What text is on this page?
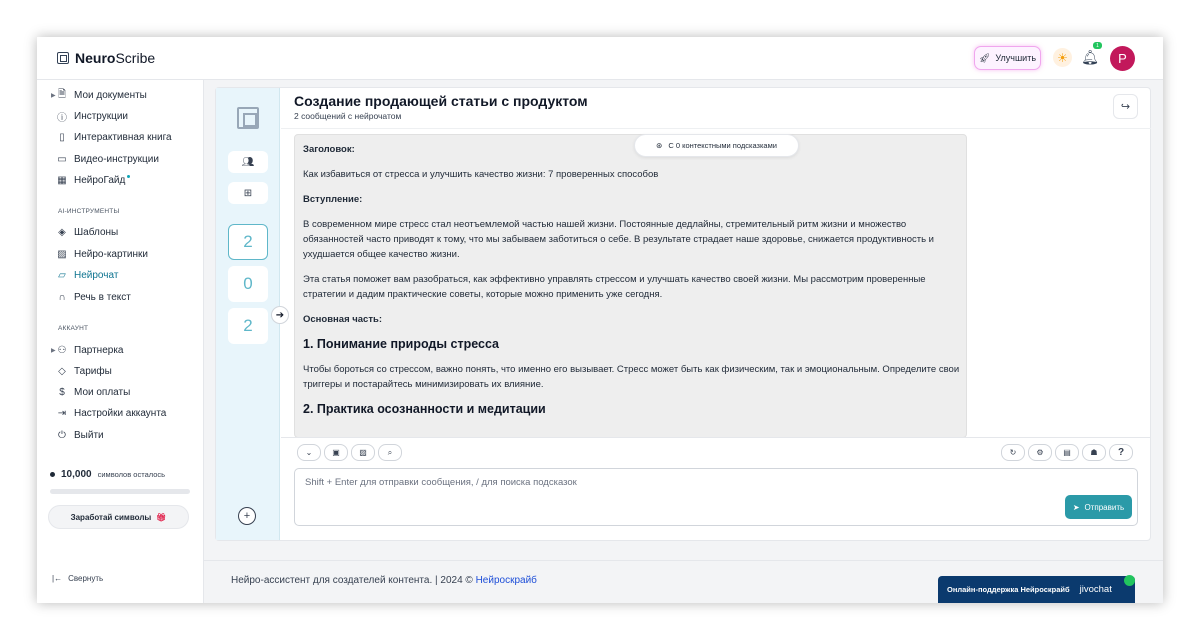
NeuroScribe	🚀︎ Улучшить	☀ 🔔︎
1
P
▶ 🗎 Мои документы
ⓘ Инструкции
▯ Интерактивная книга
▭ Видео-инструкции
▦ НейроГайд
AI-ИНСТРУМЕНТЫ
◈ Шаблоны
▨ Нейро-картинки
▱ Нейрочат
∩ Речь в текст
АККАУНТ
▶ ⚇ Партнерка
◇ Тарифы
$ Мои оплаты
⇥ Настройки аккаунта
⏻ Выйти
10,000 символов осталось
Заработай символы 🎁︎
|← Свернуть
👥︎
⊞
2
0
2
➔
+
Создание продающей статьи с продуктом
2 сообщений с нейрочатом
↪

Заголовок:

Как избавиться от стресса и улучшить качество жизни: 7 проверенных способов

Вступление:

В современном мире стресс стал неотъемлемой частью нашей жизни. Постоянные дедлайны, стремительный ритм жизни и множество обязанностей часто приводят к тому, что мы забываем заботиться о себе. В результате страдает наше здоровье, снижается продуктивность и ухудшается общее качество жизни.

Эта статья поможет вам разобраться, как эффективно управлять стрессом и улучшать качество своей жизни. Мы рассмотрим проверенные стратегии и дадим практические советы, которые можно применить уже сегодня.

Основная часть:

1. Понимание природы стресса

Чтобы бороться со стрессом, важно понять, что именно его вызывает. Стресс может быть как физическим, так и эмоциональным. Определите свои триггеры и постарайтесь минимизировать их влияние.

2. Практика осознанности и медитации
⊛ С 0 контекстными подсказками
⌄	▣	▨	⌕	↻	⚙	▤	☗	?
Shift + Enter для отправки сообщения, / для поиска подсказок
➤ Отправить
Нейро-ассистент для создателей контента. | 2024 © Нейроскрайб
Онлайн-поддержка Нейроскрайб jivochat
